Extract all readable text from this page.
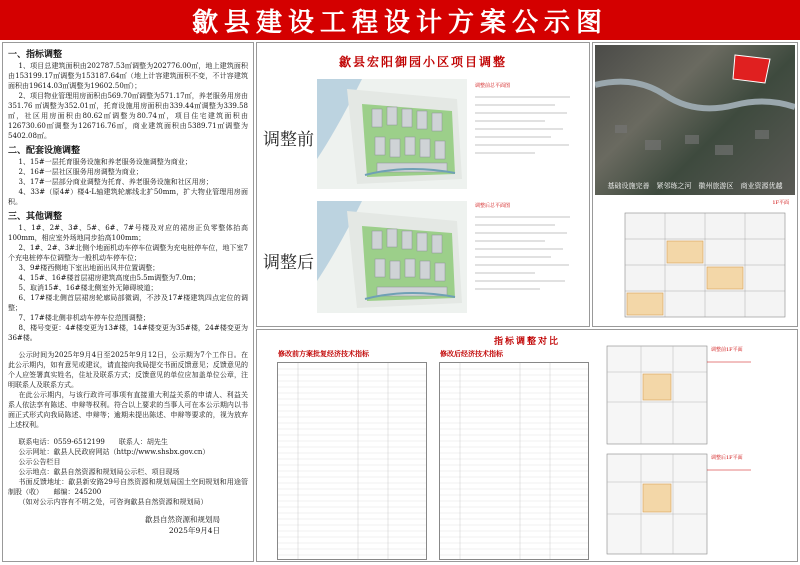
歙县建设工程设计方案公示图
一、指标调整

1、项目总建筑面积由202787.53㎡调整为202776.00㎡，地上建筑面积由153199.17㎡调整为153187.64㎡（地上计容建筑面积不变，不计容建筑面积由19614.03㎡调整为19602.50㎡）；

2、项目物业管理用房面积由569.70㎡调整为571.17㎡，养老服务用房由351.76 ㎡调整为352.01㎡，托育设施用房面积由339.44㎡调整为339.58㎡，社区用房面积由80.62㎡调整为80.74㎡，项目住宅建筑面积由126730.60㎡调整为126716.76㎡，商业建筑面积由5389.71㎡调整为5402.08㎡。

二、配套设施调整

1、15#一层托育服务设施和养老服务设施调整为商业；

2、16#一层社区服务用房调整为商业；

3、17#一层部分商业调整为托育、养老服务设施和社区用房；

4、33#（原4#）楼4-L轴建筑轮廓线北扩50mm，扩大物业管理用房面积。

三、其他调整

1、1#、2#、3#、5#、6#、7#号楼及对应的裙房正负零整体抬高100mm，相应室外场地同步抬高100mm；

2、1#、2#、3#北侧个地面机动车停车位调整为充电桩停车位，地下室7个充电桩停车位调整为一般机动车停车位；

3、9#楼西侧地下室出地面出风井位置调整；

4、15#、16#楼首层裙房建筑高度由5.5m调整为7.0m；

5、取消15#、16#楼北侧室外无障碍坡道；

6、17#楼北侧首层裙房轮廓局部微调，不涉及17#楼建筑四点定位的调整；

7、17#楼北侧非机动车停车位范围调整；

8、楼号变更：4#楼变更为13#楼，14#楼变更为35#楼，24#楼变更为36#楼。

公示时间为2025年9月4日至2025年9月12日，公示期为7个工作日。在此公示期内，如有意见或建议，请直接向我局提交书面反馈意见；反馈意见的个人应签署真实姓名，住址及联系方式；反馈意见的单位应加盖单位公章，注明联系人及联系方式。

在此公示期内，与该行政许可事项有直接重大利益关系的申请人、利益关系人依法享有陈述、申辩等权利。符合以上要求的当事人可在本公示期内以书面正式形式向我局陈述、申辩等；逾期未提出陈述、申辩等要求的，视为放弃上述权利。

联系电话：0559-6512199　　联系人：胡先生

公示网址：歙县人民政府网站（http://www.shsbx.gov.cn）

公示公告栏目

公示地点：歙县自然资源和规划局公示栏、项目现场

书面反馈地址：歙县新安路29号自然资源和规划局国土空间规划和用途管制股（收）　　邮编：245200

（如对公示内容有不明之处，可咨询歙县自然资源和规划局）

歙县自然资源和规划局
2025年9月4日
歙县宏阳御园小区项目调整
调整前
调整后
调整前总平面图
调整后总平面图
基础设施完善　紧邻练之河　徽州旅游区　商业资源优越
1F平面
指标调整对比
修改前方案批复经济技术指标	修改后经济技术指标	调整前1F平面
调整后1F平面
